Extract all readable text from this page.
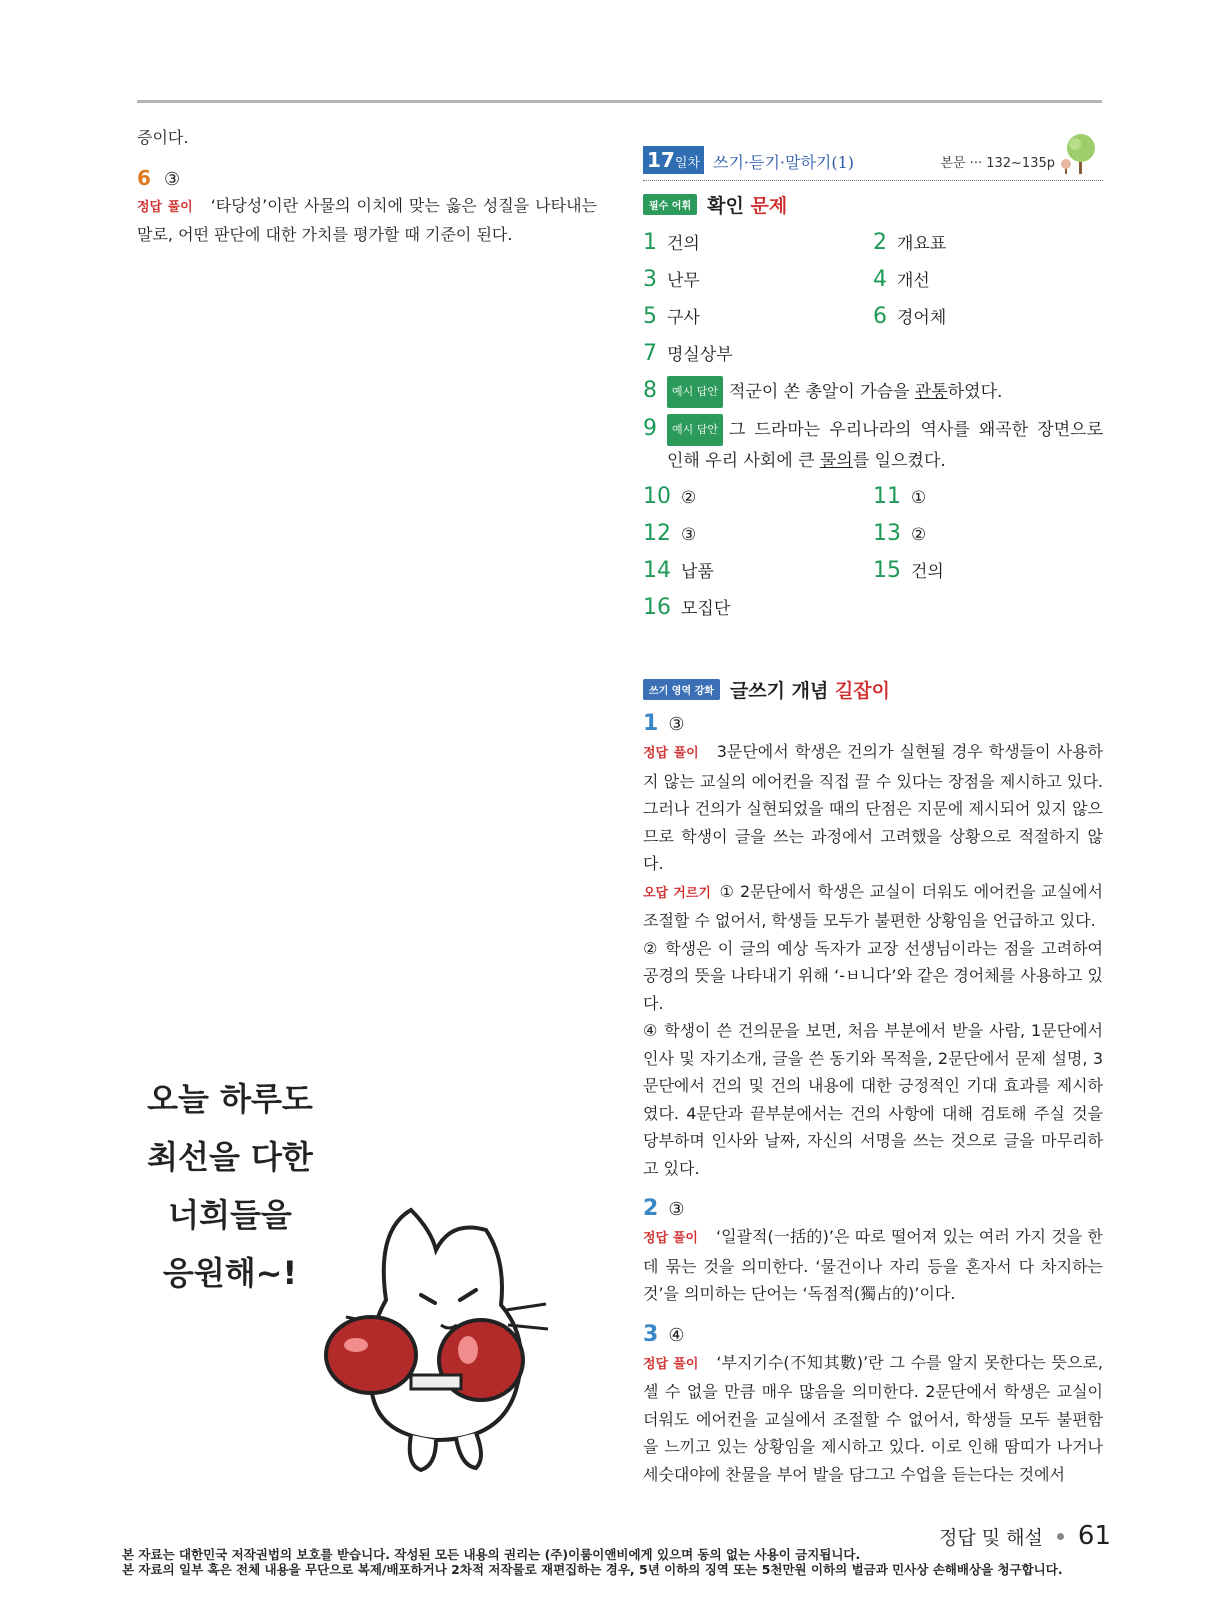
증이다.

6 ③

정답 풀이 ‘타당성’이란 사물의 이치에 맞는 옳은 성질을 나타내는 말로, 어떤 판단에 대한 가치를 평가할 때 기준이 된다.

17일차 쓰기·듣기·말하기(1)	본문 ··· 132~135p
필수 어휘 확인 문제
1 건의	2 개요표
3 난무	4 개선
5 구사	6 경어체
7 명실상부
8 예시 답안 적군이 쏜 총알이 가슴을 관통하였다.
9	예시 답안 그 드라마는 우리나라의 역사를 왜곡한 장면으로 인해 우리 사회에 큰 물의를 일으켰다.
10 ②	11 ①
12 ③	13 ②
14 납품	15 건의
16 모집단
쓰기 영역 강화 글쓰기 개념 길잡이
1 ③

정답 풀이 3문단에서 학생은 건의가 실현될 경우 학생들이 사용하지 않는 교실의 에어컨을 직접 끌 수 있다는 장점을 제시하고 있다. 그러나 건의가 실현되었을 때의 단점은 지문에 제시되어 있지 않으므로 학생이 글을 쓰는 과정에서 고려했을 상황으로 적절하지 않다.

오답 거르기 ① 2문단에서 학생은 교실이 더워도 에어컨을 교실에서 조절할 수 없어서, 학생들 모두가 불편한 상황임을 언급하고 있다.

② 학생은 이 글의 예상 독자가 교장 선생님이라는 점을 고려하여 공경의 뜻을 나타내기 위해 ‘-ㅂ니다’와 같은 경어체를 사용하고 있다.

④ 학생이 쓴 건의문을 보면, 처음 부분에서 받을 사람, 1문단에서 인사 및 자기소개, 글을 쓴 동기와 목적을, 2문단에서 문제 설명, 3문단에서 건의 및 건의 내용에 대한 긍정적인 기대 효과를 제시하였다. 4문단과 끝부분에서는 건의 사항에 대해 검토해 주실 것을 당부하며 인사와 날짜, 자신의 서명을 쓰는 것으로 글을 마무리하고 있다.

2 ③

정답 풀이 ‘일괄적(一括的)’은 따로 떨어져 있는 여러 가지 것을 한데 묶는 것을 의미한다. ‘물건이나 자리 등을 혼자서 다 차지하는 것’을 의미하는 단어는 ‘독점적(獨占的)’이다.

3 ④

정답 풀이 ‘부지기수(不知其數)’란 그 수를 알지 못한다는 뜻으로, 셀 수 없을 만큼 매우 많음을 의미한다. 2문단에서 학생은 교실이 더워도 에어컨을 교실에서 조절할 수 없어서, 학생들 모두 불편함을 느끼고 있는 상황임을 제시하고 있다. 이로 인해 땀띠가 나거나 세숫대야에 찬물을 부어 발을 담그고 수업을 듣는다는 것에서

오늘 하루도
최선을 다한
너희들을
응원해~!
정답 및 해설 61
본 자료는 대한민국 저작권법의 보호를 받습니다. 작성된 모든 내용의 권리는 (주)이룸이앤비에게 있으며 동의 없는 사용이 금지됩니다.
본 자료의 일부 혹은 전체 내용을 무단으로 복제/배포하거나 2차적 저작물로 재편집하는 경우, 5년 이하의 징역 또는 5천만원 이하의 벌금과 민사상 손해배상을 청구합니다.
